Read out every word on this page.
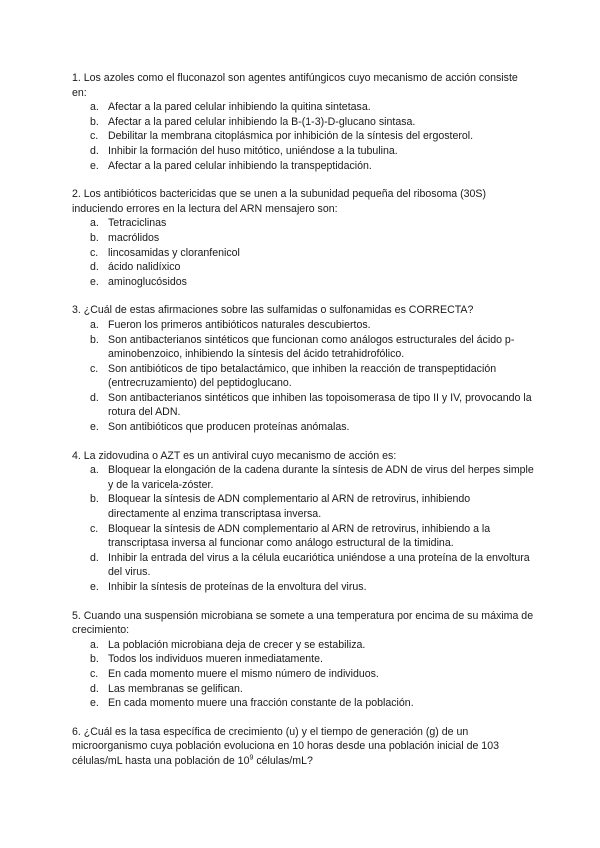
1. Los azoles como el fluconazol son agentes antifúngicos cuyo mecanismo de acción consiste en:

a. Afectar a la pared celular inhibiendo la quitina sintetasa.
b. Afectar a la pared celular inhibiendo la B-(1-3)-D-glucano sintasa.
c. Debilitar la membrana citoplásmica por inhibición de la síntesis del ergosterol.
d. Inhibir la formación del huso mitótico, uniéndose a la tubulina.
e. Afectar a la pared celular inhibiendo la transpeptidación.

2. Los antibióticos bactericidas que se unen a la subunidad pequeña del ribosoma (30S) induciendo errores en la lectura del ARN mensajero son:

a. Tetraciclinas
b. macrólidos
c. lincosamidas y cloranfenicol
d. ácido nalidíxico
e. aminoglucósidos

3. ¿Cuál de estas afirmaciones sobre las sulfamidas o sulfonamidas es CORRECTA?

a. Fueron los primeros antibióticos naturales descubiertos.
b. Son antibacterianos sintéticos que funcionan como análogos estructurales del ácido p-aminobenzoico, inhibiendo la síntesis del ácido tetrahidrofólico.
c. Son antibióticos de tipo betalactámico, que inhiben la reacción de transpeptidación (entrecruzamiento) del peptidoglucano.
d. Son antibacterianos sintéticos que inhiben las topoisomerasa de tipo II y IV, provocando la rotura del ADN.
e. Son antibióticos que producen proteínas anómalas.

4. La zidovudina o AZT es un antiviral cuyo mecanismo de acción es:

a. Bloquear la elongación de la cadena durante la síntesis de ADN de virus del herpes simple y de la varicela-zóster.
b. Bloquear la síntesis de ADN complementario al ARN de retrovirus, inhibiendo directamente al enzima transcriptasa inversa.
c. Bloquear la síntesis de ADN complementario al ARN de retrovirus, inhibiendo a la transcriptasa inversa al funcionar como análogo estructural de la timidina.
d. Inhibir la entrada del virus a la célula eucariótica uniéndose a una proteína de la envoltura del virus.
e. Inhibir la síntesis de proteínas de la envoltura del virus.

5. Cuando una suspensión microbiana se somete a una temperatura por encima de su máxima de crecimiento:

a. La población microbiana deja de crecer y se estabiliza.
b. Todos los individuos mueren inmediatamente.
c. En cada momento muere el mismo número de individuos.
d. Las membranas se gelifican.
e. En cada momento muere una fracción constante de la población.

6. ¿Cuál es la tasa específica de crecimiento (u) y el tiempo de generación (g) de un microorganismo cuya población evoluciona en 10 horas desde una población inicial de 103 células/mL hasta una población de $10^9$ células/mL?
